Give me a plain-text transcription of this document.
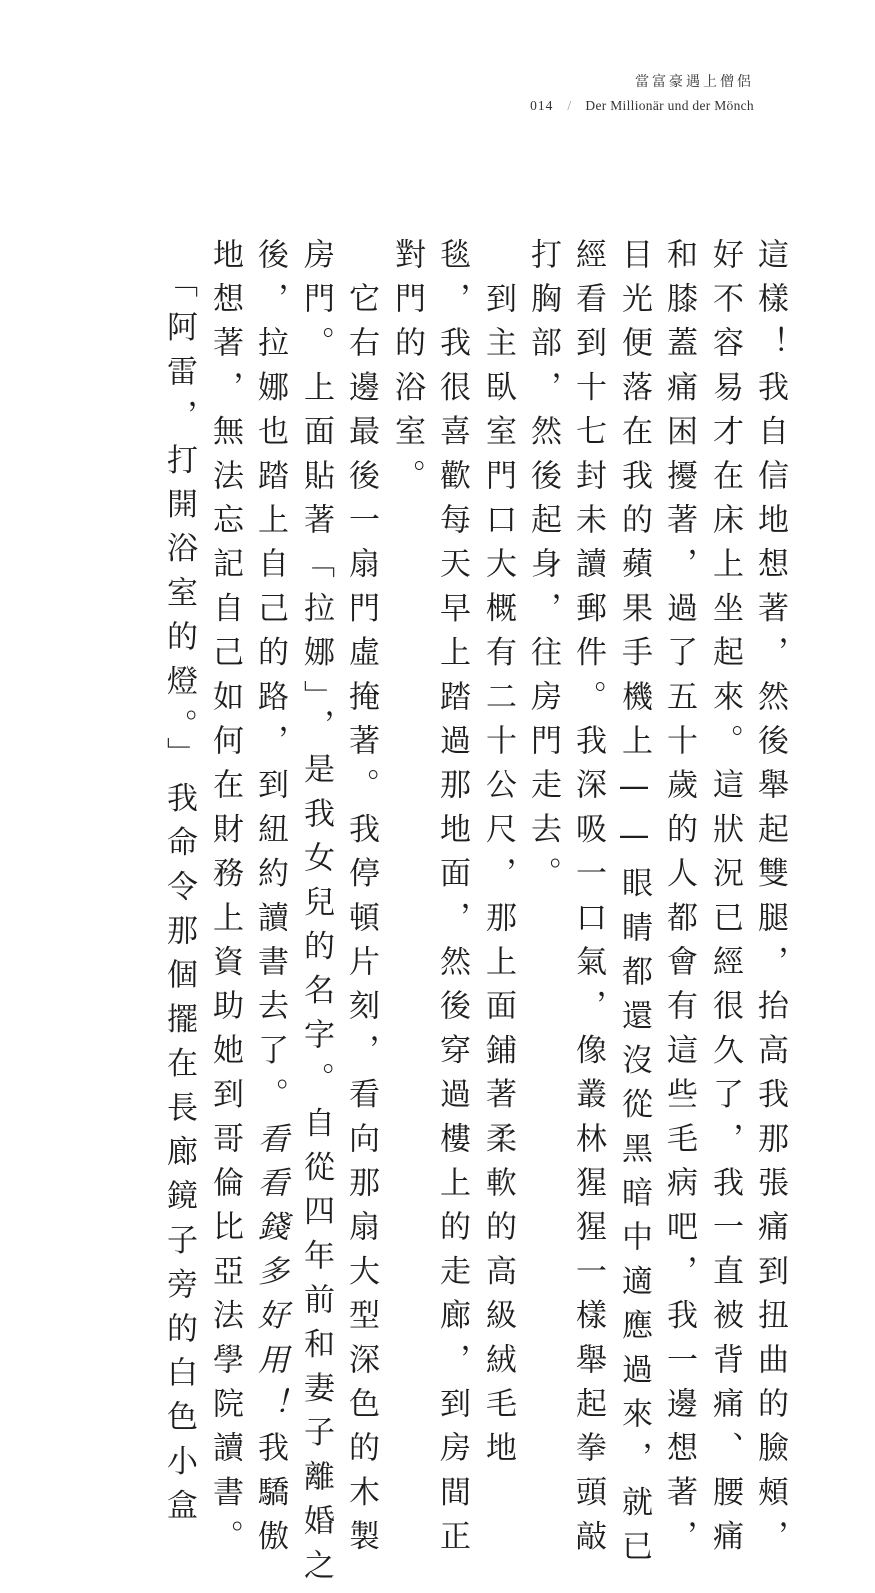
當富豪遇上僧侶
014 / Der Millionär und der Mönch
這樣！我自信地想著，然後舉起雙腿，抬高我那張痛到扭曲的臉頰，
好不容易才在床上坐起來。這狀況已經很久了，我一直被背痛、腰痛
和膝蓋痛困擾著，過了五十歲的人都會有這些毛病吧，我一邊想著，
目光便落在我的蘋果手機上——眼睛都還沒從黑暗中適應過來，就已
經看到十七封未讀郵件。我深吸一口氣，像叢林猩猩一樣舉起拳頭敲
打胸部，然後起身，往房門走去。
　到主臥室門口大概有二十公尺，那上面鋪著柔軟的高級絨毛地
毯，我很喜歡每天早上踏過那地面，然後穿過樓上的走廊，到房間正
對門的浴室。
　它右邊最後一扇門虛掩著。我停頓片刻，看向那扇大型深色的木製
房門。上面貼著「拉娜」，是我女兒的名字。自從四年前和妻子離婚之
後，拉娜也踏上自己的路，到紐約讀書去了。看看錢多好用！我驕傲
地想著，無法忘記自己如何在財務上資助她到哥倫比亞法學院讀書。
　「阿雷，打開浴室的燈。」我命令那個擺在長廊鏡子旁的白色小盒
